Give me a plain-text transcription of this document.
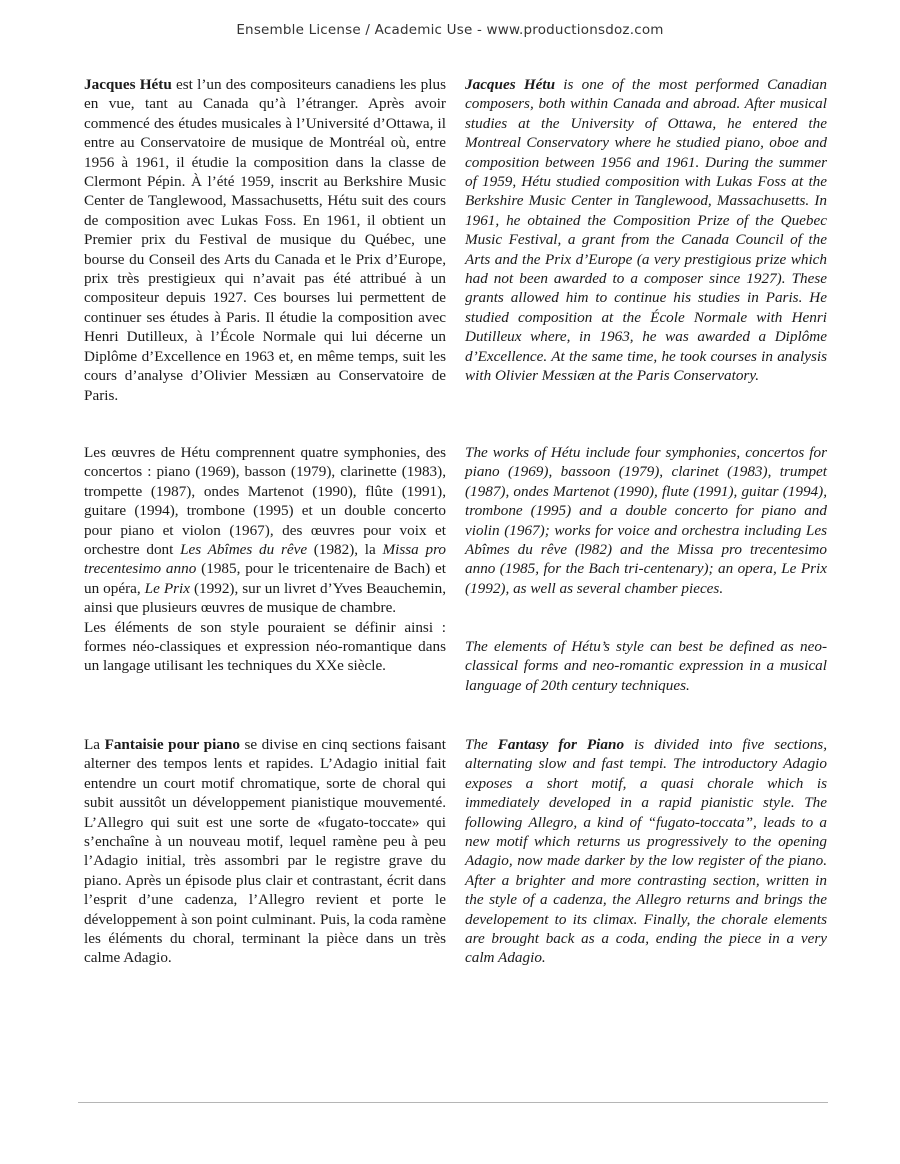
Ensemble License / Academic Use - www.productionsdoz.com

Jacques Hétu est l’un des compositeurs canadiens les plus en vue, tant au Canada qu’à l’étranger. Après avoir commencé des études musicales à l’Université d’Ottawa, il entre au Conservatoire de musique de Montréal où, entre 1956 à 1961, il étudie la composition dans la classe de Clermont Pépin. À l’été 1959, inscrit au Berkshire Music Center de Tanglewood, Massachusetts, Hétu suit des cours de composition avec Lukas Foss. En 1961, il obtient un Premier prix du Festival de musique du Québec, une bourse du Conseil des Arts du Canada et le Prix d’Europe, prix très prestigieux qui n’avait pas été attribué à un compositeur depuis 1927. Ces bourses lui permettent de continuer ses études à Paris. Il étudie la composition avec Henri Dutilleux, à l’École Normale qui lui décerne un Diplôme d’Excellence en 1963 et, en même temps, suit les cours d’analyse d’Olivier Messiæn au Conservatoire de Paris.

Les œuvres de Hétu comprennent quatre symphonies, des concertos : piano (1969), basson (1979), clarinette (1983), trompette (1987), ondes Martenot (1990), flûte (1991), guitare (1994), trombone (1995) et un double concerto pour piano et violon (1967), des œuvres pour voix et orchestre dont Les Abîmes du rêve (1982), la Missa pro trecentesimo anno (1985, pour le tricentenaire de Bach) et un opéra, Le Prix (1992), sur un livret d’Yves Beauchemin, ainsi que plusieurs œuvres de musique de chambre.

Les éléments de son style pouraient se définir ainsi : formes néo-classiques et expression néo-romantique dans un langage utilisant les techniques du XXe siècle.

La Fantaisie pour piano se divise en cinq sections faisant alterner des tempos lents et rapides. L’Adagio initial fait entendre un court motif chromatique, sorte de choral qui subit aussitôt un développement pianistique mouvementé. L’Allegro qui suit est une sorte de «fugato-toccate» qui s’enchaîne à un nouveau motif, lequel ramène peu à peu l’Adagio initial, très assombri par le registre grave du piano. Après un épisode plus clair et contrastant, écrit dans l’esprit d’une cadenza, l’Allegro revient et porte le développement à son point culminant. Puis, la coda ramène les éléments du choral, terminant la pièce dans un très calme Adagio.

Jacques Hétu is one of the most performed Canadian composers, both within Canada and abroad. After musical studies at the University of Ottawa, he entered the Montreal Conservatory where he studied piano, oboe and composition between 1956 and 1961. During the summer of 1959, Hétu studied composition with Lukas Foss at the Berkshire Music Center in Tanglewood, Massachusetts. In 1961, he obtained the Composition Prize of the Quebec Music Festival, a grant from the Canada Council of the Arts and the Prix d’Europe (a very prestigious prize which had not been awarded to a composer since 1927). These grants allowed him to continue his studies in Paris. He studied composition at the École Normale with Henri Dutilleux where, in 1963, he was awarded a Diplôme d’Excellence. At the same time, he took courses in analysis with Olivier Messiæn at the Paris Conservatory.

The works of Hétu include four symphonies, concertos for piano (1969), bassoon (1979), clarinet (1983), trumpet (1987), ondes Martenot (1990), flute (1991), guitar (1994), trombone (1995) and a double concerto for piano and violin (1967); works for voice and orchestra including Les Abîmes du rêve (l982) and the Missa pro trecentesimo anno (1985, for the Bach tri-centenary); an opera, Le Prix (1992), as well as several chamber pieces.

The elements of Hétu’s style can best be defined as neo-classical forms and neo-romantic expression in a musical language of 20th century techniques.

The Fantasy for Piano is divided into five sections, alternating slow and fast tempi. The introductory Adagio exposes a short motif, a quasi chorale which is immediately developed in a rapid pianistic style. The following Allegro, a kind of “fugato-toccata”, leads to a new motif which returns us progressively to the opening Adagio, now made darker by the low register of the piano. After a brighter and more contrasting section, written in the style of a cadenza, the Allegro returns and brings the developement to its climax. Finally, the chorale elements are brought back as a coda, ending the piece in a very calm Adagio.
